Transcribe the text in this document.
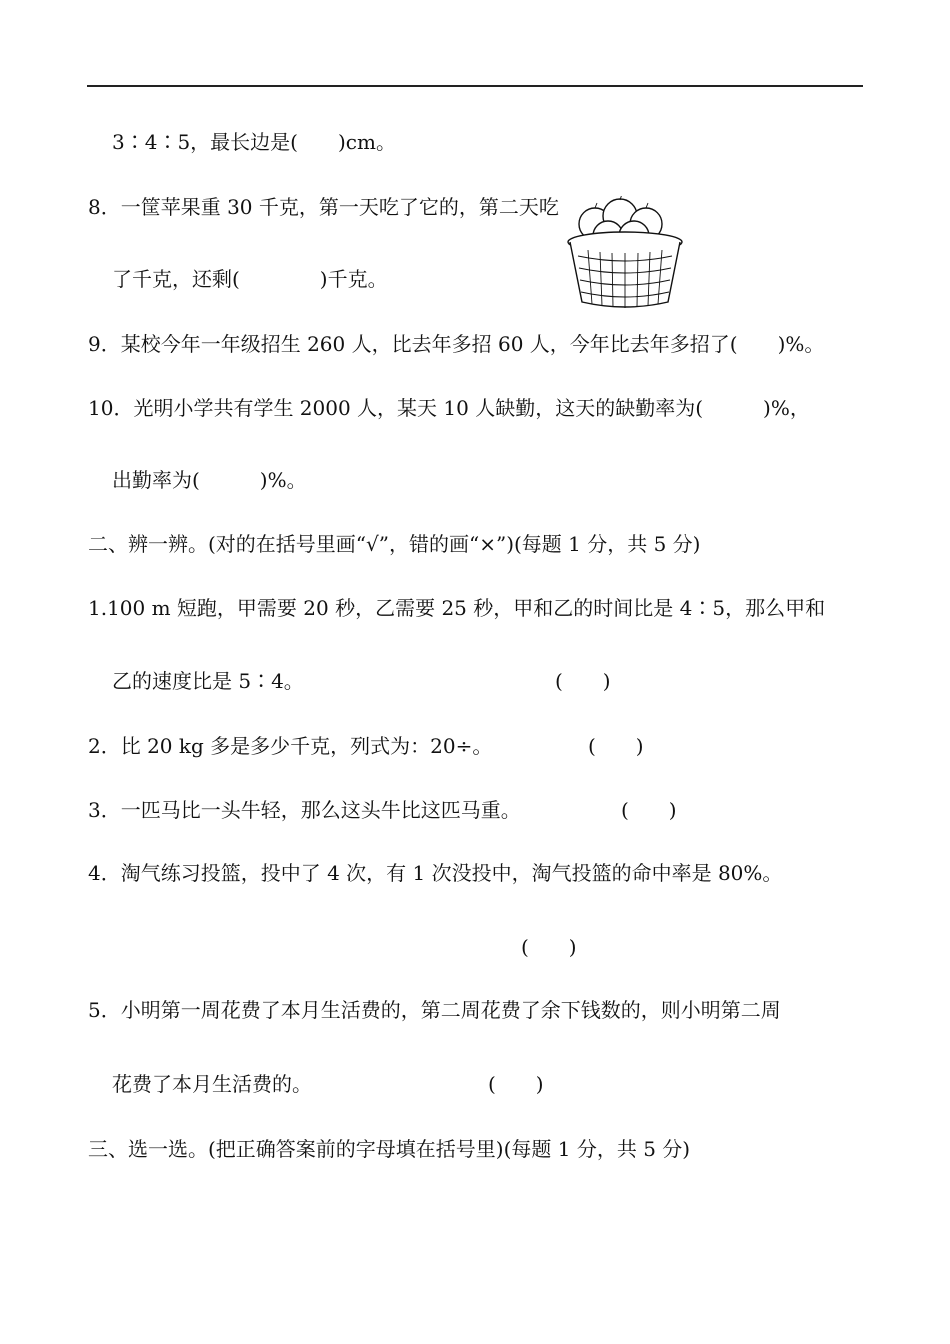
3∶4∶5，最长边是(　　)cm。
8．一筐苹果重 30 千克，第一天吃了它的，第二天吃
了千克，还剩(　　　　)千克。
9．某校今年一年级招生 260 人，比去年多招 60 人，今年比去年多招了(　　)%。
10．光明小学共有学生 2000 人，某天 10 人缺勤，这天的缺勤率为(　　　)%，
出勤率为(　　　)%。
二、辨一辨。(对的在括号里画“√”，错的画“×”)(每题 1 分，共 5 分)
1.100 m 短跑，甲需要 20 秒，乙需要 25 秒，甲和乙的时间比是 4∶5，那么甲和
乙的速度比是 5∶4。	(　　)
2．比 20 kg 多是多少千克，列式为：20÷。	(　　)
3．一匹马比一头牛轻，那么这头牛比这匹马重。	(　　)
4．淘气练习投篮，投中了 4 次，有 1 次没投中，淘气投篮的命中率是 80%。
(　　)
5．小明第一周花费了本月生活费的，第二周花费了余下钱数的，则小明第二周
花费了本月生活费的。	(　　)
三、选一选。(把正确答案前的字母填在括号里)(每题 1 分，共 5 分)
